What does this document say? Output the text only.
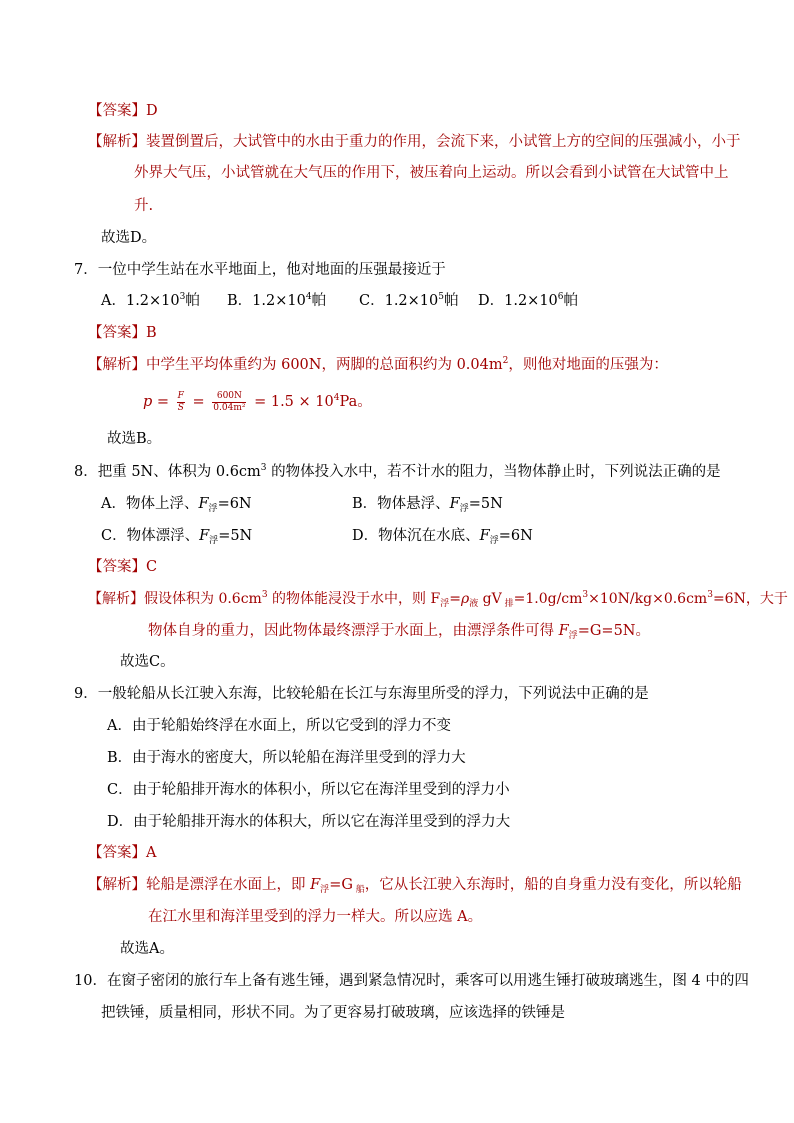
【答案】D
【解析】装置倒置后，大试管中的水由于重力的作用，会流下来，小试管上方的空间的压强减小，小于
外界大气压，小试管就在大气压的作用下，被压着向上运动。所以会看到小试管在大试管中上
升.
故选D。
7．一位中学生站在水平地面上，他对地面的压强最接近于
A．$1.2\times 10^3$帕 B．$1.2\times 10^4$帕 C．$1.2\times 10^5$帕 D．$1.2\times 10^6$帕
【答案】B
【解析】中学生平均体重约为 600N，两脚的总面积约为 $0.04m^2$，则他对地面的压强为：
$p = \frac{F}{S} = \frac{600N}{\text{0.04m²}} = 1.5 \times 10^4Pa$。
故选B。
8．把重 5N、体积为 $0.6cm^3$ 的物体投入水中，若不计水的阻力，当物体静止时，下列说法正确的是
A．物体上浮、$F_浮=6N$	B．物体悬浮、$F_浮=5N$
C．物体漂浮、$F_浮=5N$	D．物体沉在水底、$F_浮=6N$
【答案】C
【解析】假设体积为 $0.6cm^3$ 的物体能浸没于水中，则 $F_浮=\rho_液$ gV $_排=1.0g/cm^3\times 10N/kg\times 0.6cm^3=6N$，大于
物体自身的重力，因此物体最终漂浮于水面上，由漂浮条件可得 $F_浮=G=5N$。
故选C。
9．一般轮船从长江驶入东海，比较轮船在长江与东海里所受的浮力，下列说法中正确的是
A．由于轮船始终浮在水面上，所以它受到的浮力不变
B．由于海水的密度大，所以轮船在海洋里受到的浮力大
C．由于轮船排开海水的体积小，所以它在海洋里受到的浮力小
D．由于轮船排开海水的体积大，所以它在海洋里受到的浮力大
【答案】A
【解析】轮船是漂浮在水面上，即 $F_浮=G$ $_船$，它从长江驶入东海时，船的自身重力没有变化，所以轮船
在江水里和海洋里受到的浮力一样大。所以应选 A。
故选A。
10．在窗子密闭的旅行车上备有逃生锤，遇到紧急情况时，乘客可以用逃生锤打破玻璃逃生，图 4 中的四
把铁锤，质量相同，形状不同。为了更容易打破玻璃，应该选择的铁锤是
